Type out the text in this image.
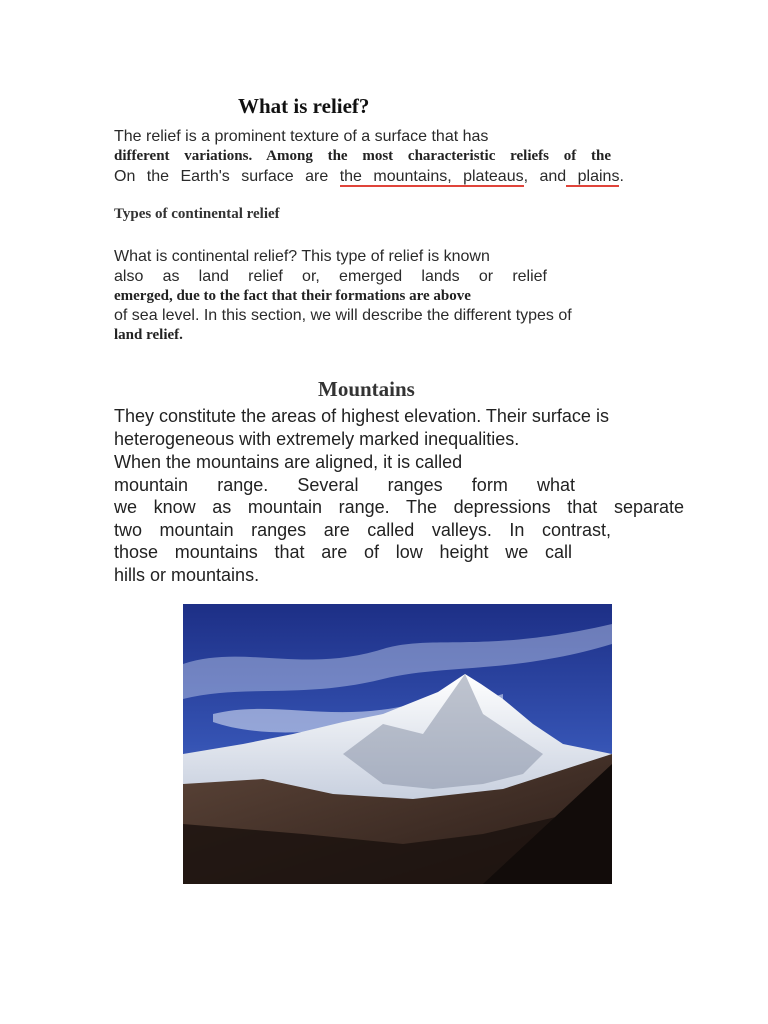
What is relief?
The relief is a prominent texture of a surface that has
different variations. Among the most characteristic reliefs of the
On the Earth's surface are the mountains, plateaus, and plains.
Types of continental relief
What is continental relief? This type of relief is known
also as land relief or, emerged lands or relief
emerged, due to the fact that their formations are above
of sea level. In this section, we will describe the different types of
land relief.
Mountains
They constitute the areas of highest elevation. Their surface is
heterogeneous with extremely marked inequalities.
When the mountains are aligned, it is called
mountain range. Several ranges form what
we know as mountain range. The depressions that separate
two mountain ranges are called valleys. In contrast,
those mountains that are of low height we call
hills or mountains.
